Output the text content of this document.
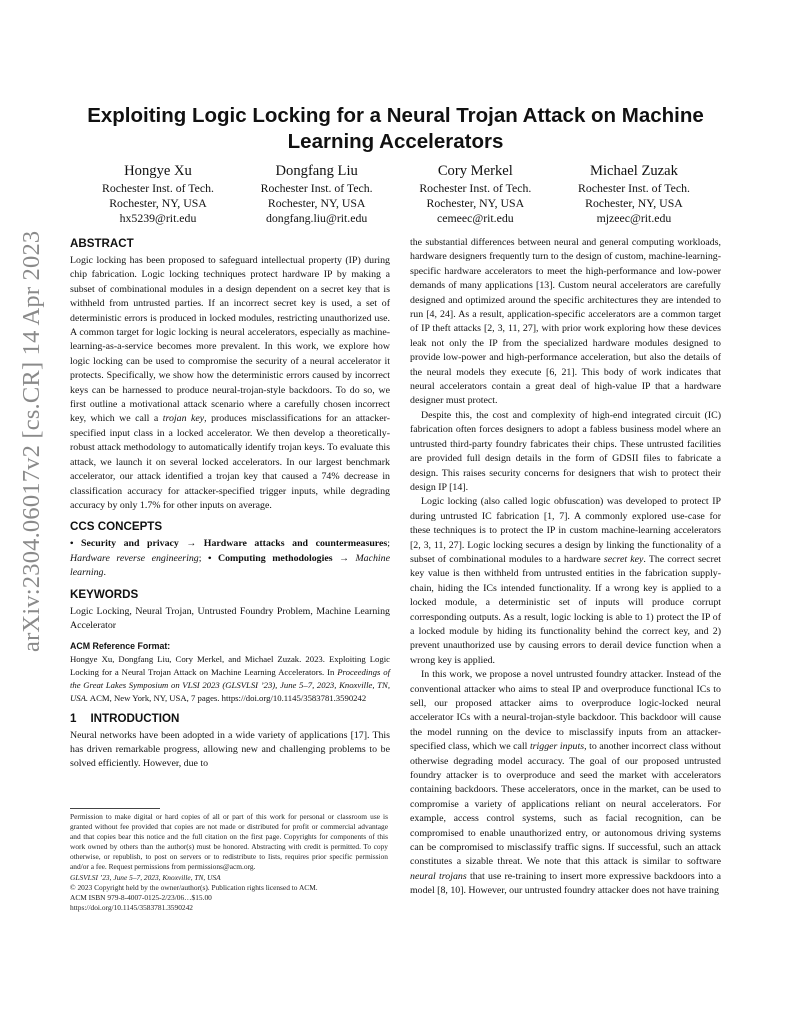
arXiv:2304.06017v2 [cs.CR] 14 Apr 2023
Exploiting Logic Locking for a Neural Trojan Attack on Machine Learning Accelerators
Hongye Xu
Rochester Inst. of Tech.
Rochester, NY, USA
hx5239@rit.edu
Dongfang Liu
Rochester Inst. of Tech.
Rochester, NY, USA
dongfang.liu@rit.edu
Cory Merkel
Rochester Inst. of Tech.
Rochester, NY, USA
cemeec@rit.edu
Michael Zuzak
Rochester Inst. of Tech.
Rochester, NY, USA
mjzeec@rit.edu
ABSTRACT

Logic locking has been proposed to safeguard intellectual property (IP) during chip fabrication. Logic locking techniques protect hardware IP by making a subset of combinational modules in a design dependent on a secret key that is withheld from untrusted parties. If an incorrect secret key is used, a set of deterministic errors is produced in locked modules, restricting unauthorized use. A common target for logic locking is neural accelerators, especially as machine-learning-as-a-service becomes more prevalent. In this work, we explore how logic locking can be used to compromise the security of a neural accelerator it protects. Specifically, we show how the deterministic errors caused by incorrect keys can be harnessed to produce neural-trojan-style backdoors. To do so, we first outline a motivational attack scenario where a carefully chosen incorrect key, which we call a trojan key, produces misclassifications for an attacker-specified input class in a locked accelerator. We then develop a theoretically-robust attack methodology to automatically identify trojan keys. To evaluate this attack, we launch it on several locked accelerators. In our largest benchmark accelerator, our attack identified a trojan key that caused a 74% decrease in classification accuracy for attacker-specified trigger inputs, while degrading accuracy by only 1.7% for other inputs on average.

CCS CONCEPTS

• Security and privacy → Hardware attacks and countermeasures; Hardware reverse engineering; • Computing methodologies → Machine learning.

KEYWORDS

Logic Locking, Neural Trojan, Untrusted Foundry Problem, Machine Learning Accelerator

ACM Reference Format:

Hongye Xu, Dongfang Liu, Cory Merkel, and Michael Zuzak. 2023. Exploiting Logic Locking for a Neural Trojan Attack on Machine Learning Accelerators. In Proceedings of the Great Lakes Symposium on VLSI 2023 (GLSVLSI ’23), June 5–7, 2023, Knoxville, TN, USA. ACM, New York, NY, USA, 7 pages. https://doi.org/10.1145/3583781.3590242

1 INTRODUCTION

Neural networks have been adopted in a wide variety of applications [17]. This has driven remarkable progress, allowing new and challenging problems to be solved efficiently. However, due to

the substantial differences between neural and general computing workloads, hardware designers frequently turn to the design of custom, machine-learning-specific hardware accelerators to meet the high-performance and low-power demands of many applications [13]. Custom neural accelerators are carefully designed and optimized around the specific architectures they are intended to run [4, 24]. As a result, application-specific accelerators are a common target of IP theft attacks [2, 3, 11, 27], with prior work exploring how these devices leak not only the IP from the specialized hardware modules designed to provide low-power and high-performance acceleration, but also the details of the neural models they execute [6, 21]. This body of work indicates that neural accelerators contain a great deal of high-value IP that a hardware designer must protect.

Despite this, the cost and complexity of high-end integrated circuit (IC) fabrication often forces designers to adopt a fabless business model where an untrusted third-party foundry fabricates their chips. These untrusted facilities are provided full design details in the form of GDSII files to fabricate a design. This raises security concerns for designers that wish to protect their design IP [14].

Logic locking (also called logic obfuscation) was developed to protect IP during untrusted IC fabrication [1, 7]. A commonly explored use-case for these techniques is to protect the IP in custom machine-learning accelerators [2, 3, 11, 27]. Logic locking secures a design by linking the functionality of a subset of combinational modules to a hardware secret key. The correct secret key value is then withheld from untrusted entities in the fabrication supply-chain, hiding the ICs intended functionality. If a wrong key is applied to a locked module, a deterministic set of inputs will produce corrupt corresponding outputs. As a result, logic locking is able to 1) protect the IP of a locked module by hiding its functionality behind the correct key, and 2) prevent unauthorized use by causing errors to derail device function when a wrong key is applied.

In this work, we propose a novel untrusted foundry attacker. Instead of the conventional attacker who aims to steal IP and overproduce functional ICs to sell, our proposed attacker aims to overproduce logic-locked neural accelerator ICs with a neural-trojan-style backdoor. This backdoor will cause the model running on the device to misclassify inputs from an attacker-specified class, which we call trigger inputs, to another incorrect class without otherwise degrading model accuracy. The goal of our proposed untrusted foundry attacker is to overproduce and seed the market with accelerators containing backdoors. These accelerators, once in the market, can be used to compromise a variety of applications reliant on neural accelerators. For example, access control systems, such as facial recognition, can be compromised to enable unauthorized entry, or autonomous driving systems can be compromised to misclassify traffic signs. If successful, such an attack constitutes a sizable threat. We note that this attack is similar to software neural trojans that use re-training to insert more expressive backdoors into a model [8, 10]. However, our untrusted foundry attacker does not have training

Permission to make digital or hard copies of all or part of this work for personal or classroom use is granted without fee provided that copies are not made or distributed for profit or commercial advantage and that copies bear this notice and the full citation on the first page. Copyrights for components of this work owned by others than the author(s) must be honored. Abstracting with credit is permitted. To copy otherwise, or republish, to post on servers or to redistribute to lists, requires prior specific permission and/or a fee. Request permissions from permissions@acm.org.

GLSVLSI ’23, June 5–7, 2023, Knoxville, TN, USA

© 2023 Copyright held by the owner/author(s). Publication rights licensed to ACM.

ACM ISBN 979-8-4007-0125-2/23/06…$15.00

https://doi.org/10.1145/3583781.3590242
